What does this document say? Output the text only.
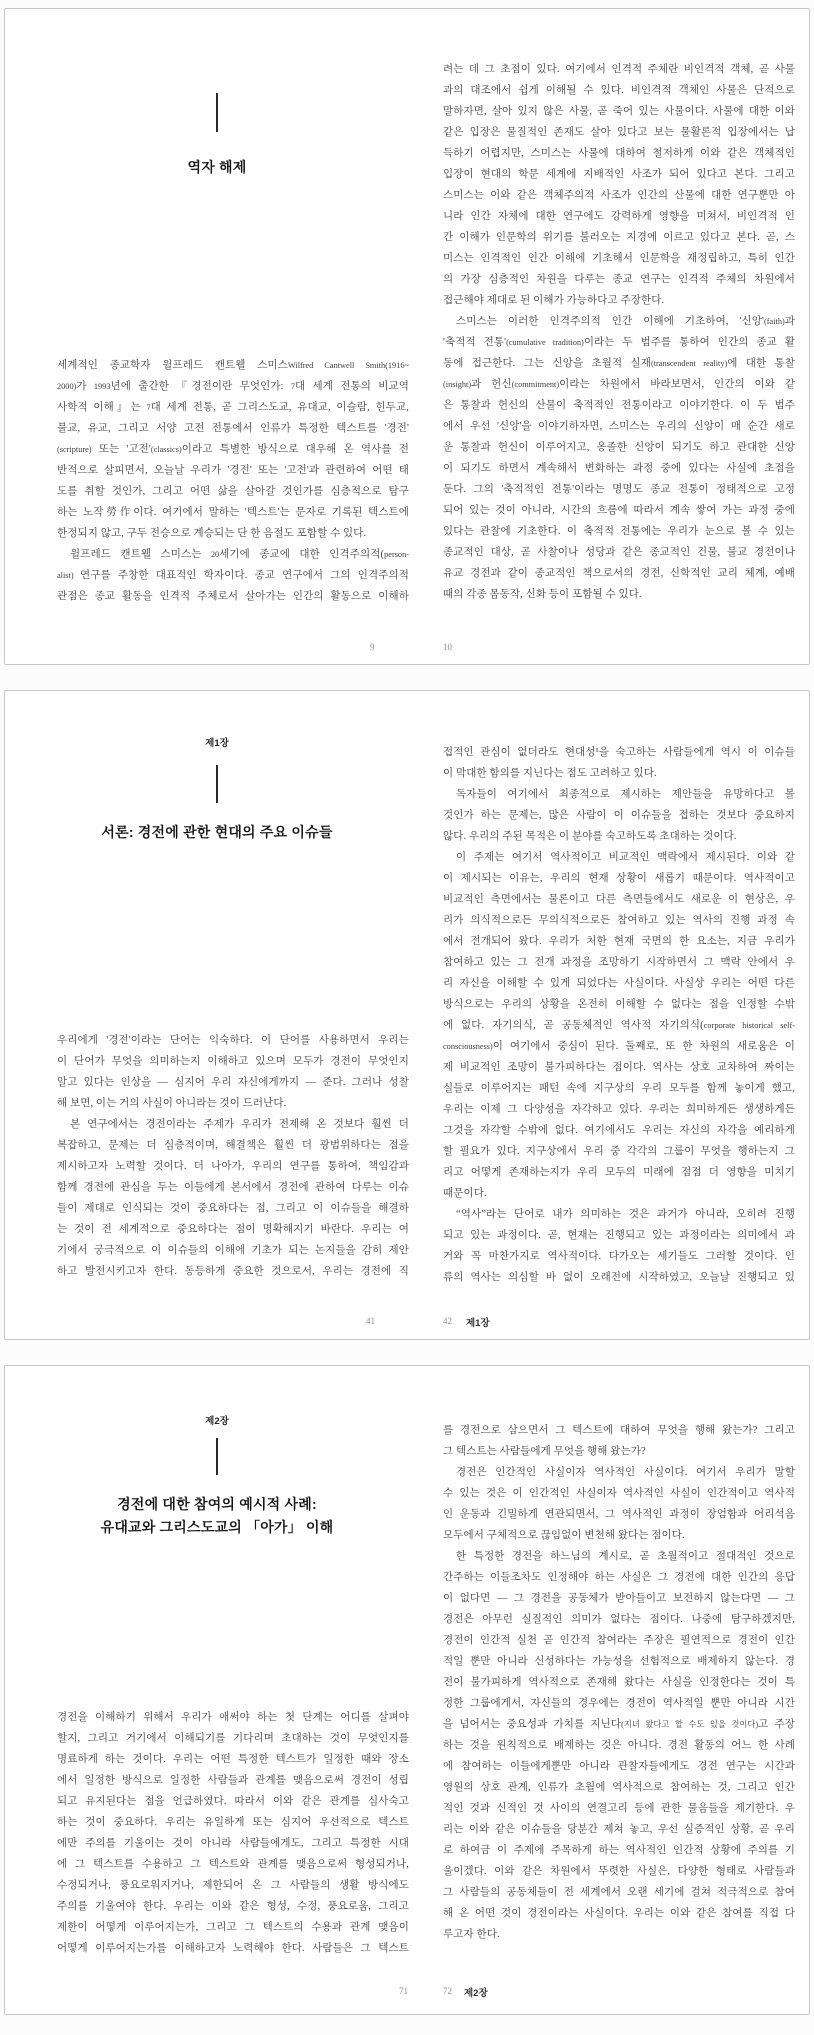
역자 해제
세계적인 종교학자 윌프레드 캔트웰 스미스Wilfred Cantwell Smith(1916~
2000)가 1993년에 출간한 『경전이란 무엇인가: 7대 세계 전통의 비교역
사학적 이해』는 7대 세계 전통, 곧 그리스도교, 유대교, 이슬람, 힌두교,
불교, 유교, 그리고 서양 고전 전통에서 인류가 특정한 텍스트를 '경전'
(scripture) 또는 '고전'(classics)이라고 특별한 방식으로 대우해 온 역사를 전
반적으로 살피면서, 오늘날 우리가 '경전' 또는 '고전'과 관련하여 어떤 태
도를 취할 것인가, 그리고 어떤 삶을 살아갈 것인가를 심층적으로 탐구
하는 노작勞作이다. 여기에서 말하는 '텍스트'는 문자로 기록된 텍스트에
한정되지 않고, 구두 전승으로 계승되는 단 한 음절도 포함할 수 있다.
윌프레드 캔트웰 스미스는 20세기에 종교에 대한 인격주의적(person-
alist) 연구를 주창한 대표적인 학자이다. 종교 연구에서 그의 인격주의적
관점은 종교 활동을 인격적 주체로서 살아가는 인간의 활동으로 이해하
려는 데 그 초점이 있다. 여기에서 인격적 주체란 비인격적 객체, 곧 사물
과의 대조에서 쉽게 이해될 수 있다. 비인격적 객체인 사물은 단적으로
말하자면, 살아 있지 않은 사물, 곧 죽어 있는 사물이다. 사물에 대한 이와
같은 입장은 물질적인 존재도 살아 있다고 보는 물활론적 입장에서는 납
득하기 어렵지만, 스미스는 사물에 대하여 철저하게 이와 같은 객체적인
입장이 현대의 학문 세계에 지배적인 사조가 되어 있다고 본다. 그리고
스미스는 이와 같은 객체주의적 사조가 인간의 산물에 대한 연구뿐만 아
니라 인간 자체에 대한 연구에도 강력하게 영향을 미쳐서, 비인격적 인
간 이해가 인문학의 위기를 불러오는 지경에 이르고 있다고 본다. 곧, 스
미스는 인격적인 인간 이해에 기초해서 인문학을 재정립하고, 특히 인간
의 가장 심층적인 차원을 다루는 종교 연구는 인격적 주체의 차원에서
접근해야 제대로 된 이해가 가능하다고 주장한다.
스미스는 이러한 인격주의적 인간 이해에 기초하여, '신앙'(faith)과
'축적적 전통'(cumulative tradition)이라는 두 범주를 통하여 인간의 종교 활
동에 접근한다. 그는 신앙을 초월적 실재(transcendent reality)에 대한 통찰
(insight)과 헌신(commitment)이라는 차원에서 바라보면서, 인간의 이와 같
은 통찰과 헌신의 산물이 축적적인 전통이라고 이야기한다. 이 두 범주
에서 우선 '신앙'을 이야기하자면, 스미스는 우리의 신앙이 매 순간 새로
운 통찰과 헌신이 이루어지고, 옹졸한 신앙이 되기도 하고 관대한 신앙
이 되기도 하면서 계속해서 변화하는 과정 중에 있다는 사실에 초점을
둔다. 그의 '축적적인 전통'이라는 명명도 종교 전통이 정태적으로 고정
되어 있는 것이 아니라, 시간의 흐름에 따라서 계속 쌓여 가는 과정 중에
있다는 관찰에 기초한다. 이 축적적 전통에는 우리가 눈으로 볼 수 있는
종교적인 대상, 곧 사찰이나 성당과 같은 종교적인 건물, 불교 경전이나
유교 경전과 같이 종교적인 책으로서의 경전, 신학적인 교리 체계, 예배
때의 각종 몸동작, 신화 등이 포함될 수 있다.
9	10
제1장
서론: 경전에 관한 현대의 주요 이슈들
우리에게 '경전'이라는 단어는 익숙하다. 이 단어를 사용하면서 우리는
이 단어가 무엇을 의미하는지 이해하고 있으며 모두가 경전이 무엇인지
알고 있다는 인상을 — 심지어 우리 자신에게까지 — 준다. 그러나 성찰
해 보면, 이는 거의 사실이 아니라는 것이 드러난다.
본 연구에서는 경전이라는 주제가 우리가 전제해 온 것보다 훨씬 더
복잡하고, 문제는 더 심층적이며, 해결책은 훨씬 더 광범위하다는 점을
제시하고자 노력할 것이다. 더 나아가, 우리의 연구를 통하여, 책임감과
함께 경전에 관심을 두는 이들에게 본서에서 경전에 관하여 다루는 이슈
들이 제대로 인식되는 것이 중요하다는 점, 그리고 이 이슈들을 해결하
는 것이 전 세계적으로 중요하다는 점이 명확해지기 바란다. 우리는 여
기에서 궁극적으로 이 이슈들의 이해에 기초가 되는 논지들을 감히 제안
하고 발전시키고자 한다. 동등하게 중요한 것으로서, 우리는 경전에 직
접적인 관심이 없더라도 현대성¹을 숙고하는 사람들에게 역시 이 이슈들
이 막대한 함의를 지닌다는 점도 고려하고 있다.
독자들이 여기에서 최종적으로 제시하는 제안들을 유망하다고 볼
것인가 하는 문제는, 많은 사람이 이 이슈들을 접하는 것보다 중요하지
않다. 우리의 주된 목적은 이 분야를 숙고하도록 초대하는 것이다.
이 주제는 여기서 역사적이고 비교적인 맥락에서 제시된다. 이와 같
이 제시되는 이유는, 우리의 현재 상황이 새롭기 때문이다. 역사적이고
비교적인 측면에서는 물론이고 다른 측면들에서도 새로운 이 현상은, 우
리가 의식적으로든 무의식적으로든 참여하고 있는 역사의 진행 과정 속
에서 전개되어 왔다. 우리가 처한 현재 국면의 한 요소는, 지금 우리가
참여하고 있는 그 전개 과정을 조망하기 시작하면서 그 맥락 안에서 우
리 자신을 이해할 수 있게 되었다는 사실이다. 사실상 우리는 어떤 다른
방식으로는 우리의 상황을 온전히 이해할 수 없다는 점을 인정할 수밖
에 없다. 자기의식, 곧 공동체적인 역사적 자기의식(corporate historical self-
consciousness)이 여기에서 중심이 된다. 둘째로, 또 한 차원의 새로움은 이
제 비교적인 조망이 불가피하다는 점이다. 역사는 상호 교차하여 짜이는
실들로 이루어지는 패턴 속에 지구상의 우리 모두를 함께 놓이게 했고,
우리는 이제 그 다양성을 자각하고 있다. 우리는 희미하게든 생생하게든
그것을 자각할 수밖에 없다. 여기에서도 우리는 자신의 자각을 예리하게
할 필요가 있다. 지구상에서 우리 중 각각의 그룹이 무엇을 행하는지 그
리고 어떻게 존재하는지가 우리 모두의 미래에 점점 더 영향을 미치기
때문이다.
“역사”라는 단어로 내가 의미하는 것은 과거가 아니라, 오히려 진행
되고 있는 과정이다. 곧, 현재는 진행되고 있는 과정이라는 의미에서 과
거와 꼭 마찬가지로 역사적이다. 다가오는 세기들도 그러할 것이다. 인
류의 역사는 의심할 바 없이 오래전에 시작하였고, 오늘날 진행되고 있
41	42 제1장
제2장
경전에 대한 참여의 예시적 사례:
유대교와 그리스도교의 「아가」 이해
경전을 이해하기 위해서 우리가 애써야 하는 첫 단계는 어디를 살펴야
할지, 그리고 거기에서 이해되기를 기다리며 초대하는 것이 무엇인지를
명료하게 하는 것이다. 우리는 어떤 특정한 텍스트가 일정한 때와 장소
에서 일정한 방식으로 일정한 사람들과 관계를 맺음으로써 경전이 성립
되고 유지된다는 점을 언급하였다. 따라서 이와 같은 관계를 심사숙고
하는 것이 중요하다. 우리는 유일하게 또는 심지어 우선적으로 텍스트
에만 주의를 기울이는 것이 아니라 사람들에게도, 그리고 특정한 시대
에 그 텍스트를 수용하고 그 텍스트와 관계를 맺음으로써 형성되거나,
수정되거나, 풍요로워지거나, 제한되어 온 그 사람들의 생활 방식에도
주의를 기울여야 한다. 우리는 이와 같은 형성, 수정, 풍요로움, 그리고
제한이 어떻게 이루어지는가, 그리고 그 텍스트의 수용과 관계 맺음이
어떻게 이루어지는가를 이해하고자 노력해야 한다. 사람들은 그 텍스트
를 경전으로 삼으면서 그 텍스트에 대하여 무엇을 행해 왔는가? 그리고
그 텍스트는 사람들에게 무엇을 행해 왔는가?
경전은 인간적인 사실이자 역사적인 사실이다. 여기서 우리가 말할
수 있는 것은 이 인간적인 사실이자 역사적인 사실이 인간적이고 역사적
인 운동과 긴밀하게 연관되면서, 그 역사적인 과정이 장엄함과 어리석음
모두에서 구체적으로 끊임없이 변천해 왔다는 점이다.
한 특정한 경전을 하느님의 계시로, 곧 초월적이고 절대적인 것으로
간주하는 이들조차도 인정해야 하는 사실은 그 경전에 대한 인간의 응답
이 없다면 — 그 경전을 공동체가 받아들이고 보전하지 않는다면 — 그
경전은 아무런 실질적인 의미가 없다는 점이다. 나중에 탐구하겠지만,
경전이 인간적 실천 곧 인간적 참여라는 주장은 필연적으로 경전이 인간
적일 뿐만 아니라 신성하다는 가능성을 선험적으로 배제하지 않는다. 경
전이 불가피하게 역사적으로 존재해 왔다는 사실을 인정한다는 것이 특
정한 그룹에게서, 자신들의 경우에는 경전이 역사적일 뿐만 아니라 시간
을 넘어서는 중요성과 가치를 지닌다(지녀 왔다고 할 수도 있을 것이다)고 주장
하는 것을 원칙적으로 배제하는 것은 아니다. 경전 활동의 어느 한 사례
에 참여하는 이들에게뿐만 아니라 관찰자들에게도 경전 연구는 시간과
영원의 상호 관계, 인류가 초월에 역사적으로 참여하는 것, 그리고 인간
적인 것과 신적인 것 사이의 연결고리 등에 관한 물음들을 제기한다. 우
리는 이와 같은 이슈들을 당분간 제쳐 놓고, 우선 실증적인 상황, 곧 우리
로 하여금 이 주제에 주목하게 하는 역사적인 인간적 상황에 주의를 기
울이겠다. 이와 같은 차원에서 뚜렷한 사실은, 다양한 형태로 사람들과
그 사람들의 공동체들이 전 세계에서 오랜 세기에 걸쳐 적극적으로 참여
해 온 어떤 것이 경전이라는 사실이다. 우리는 이와 같은 참여를 직접 다
루고자 한다.
71	72 제2장
